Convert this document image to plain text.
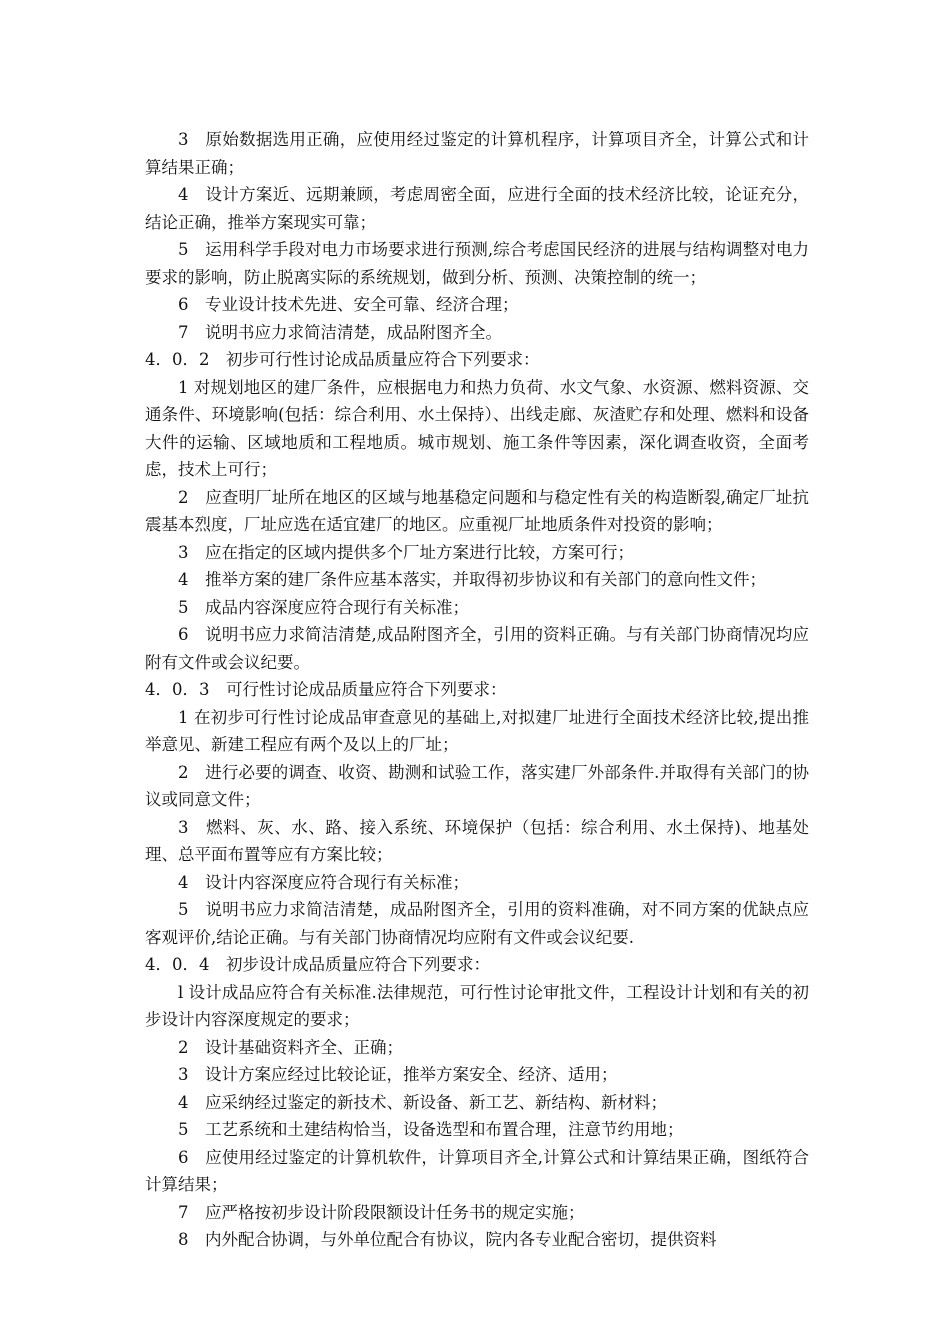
3　原始数据选用正确，应使用经过鉴定的计算机程序，计算项目齐全，计算公式和计算结果正确；

4　设计方案近、远期兼顾，考虑周密全面，应进行全面的技术经济比较，论证充分，结论正确，推举方案现实可靠；

5　运用科学手段对电力市场要求进行预测,综合考虑国民经济的进展与结构调整对电力要求的影响，防止脱离实际的系统规划，做到分析、预测、决策控制的统一；

6　专业设计技术先进、安全可靠、经济合理；

7　说明书应力求简洁清楚，成品附图齐全。

4．0．2　初步可行性讨论成品质量应符合下列要求：

1 对规划地区的建厂条件，应根据电力和热力负荷、水文气象、水资源、燃料资源、交通条件、环境影响(包括：综合利用、水土保持）、出线走廊、灰渣贮存和处理、燃料和设备大件的运输、区域地质和工程地质。城市规划、施工条件等因素，深化调查收资，全面考虑，技术上可行；

2　应查明厂址所在地区的区域与地基稳定问题和与稳定性有关的构造断裂,确定厂址抗震基本烈度，厂址应选在适宜建厂的地区。应重视厂址地质条件对投资的影响；

3　应在指定的区域内提供多个厂址方案进行比较，方案可行；

4　推举方案的建厂条件应基本落实，并取得初步协议和有关部门的意向性文件；

5　成品内容深度应符合现行有关标准；

6　说明书应力求简洁清楚,成品附图齐全，引用的资料正确。与有关部门协商情况均应附有文件或会议纪要。

4．0．3　可行性讨论成品质量应符合下列要求：

1 在初步可行性讨论成品审查意见的基础上,对拟建厂址进行全面技术经济比较,提出推举意见、新建工程应有两个及以上的厂址；

2　进行必要的调查、收资、勘测和试验工作，落实建厂外部条件.并取得有关部门的协议或同意文件；

3　燃料、灰、水、路、接入系统、环境保护（包括：综合利用、水土保持)、地基处理、总平面布置等应有方案比较；

4　设计内容深度应符合现行有关标准；

5　说明书应力求简洁清楚，成品附图齐全，引用的资料准确，对不同方案的优缺点应客观评价,结论正确。与有关部门协商情况均应附有文件或会议纪要.

4．0．4　初步设计成品质量应符合下列要求：

l 设计成品应符合有关标准.法律规范，可行性讨论审批文件，工程设计计划和有关的初步设计内容深度规定的要求；

2　设计基础资料齐全、正确；

3　设计方案应经过比较论证，推举方案安全、经济、适用；

4　应采纳经过鉴定的新技术、新设备、新工艺、新结构、新材料；

5　工艺系统和土建结构恰当，设备选型和布置合理，注意节约用地；

6　应使用经过鉴定的计算机软件，计算项目齐全,计算公式和计算结果正确，图纸符合计算结果；

7　应严格按初步设计阶段限额设计任务书的规定实施；

8　内外配合协调，与外单位配合有协议，院内各专业配合密切，提供资料
